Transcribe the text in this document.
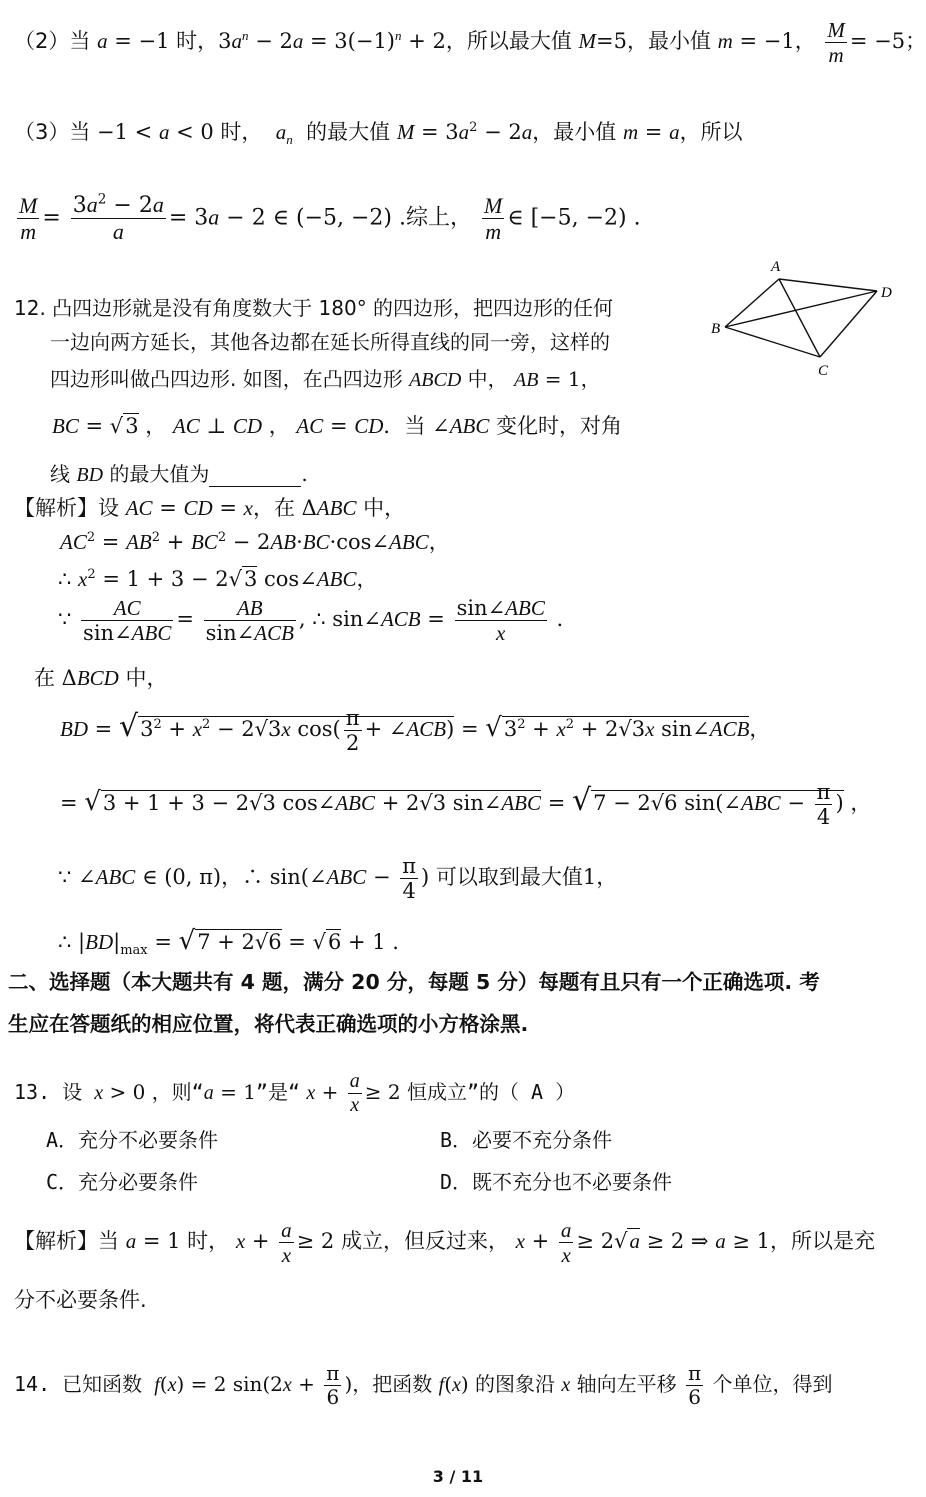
（2）当 a = −1 时，$3a^n - 2a = 3(-1)^n + 2$，所以最大值 M=5，最小值 m = −1， $\frac{M}{m} = -5$；
（3）当 −1 < a < 0 时，  $a_n$  的最大值 $M = 3a^2 - 2a$，最小值 m = a，所以
$\frac{M}{m} = \frac{3a^2 - 2a}{a} = 3a - 2$ ∈ (−5, −2) .综上， $\frac{M}{m}$ ∈ [−5, −2) .
12. 凸四边形就是没有角度数大于 180° 的四边形，把四边形的任何
一边向两方延长，其他各边都在延长所得直线的同一旁，这样的
四边形叫做凸四边形. 如图，在凸四边形 ABCD 中， AB = 1，
BC = √3 ， AC ⊥ CD ， AC = CD．当 ∠ABC 变化时，对角
线 BD 的最大值为	.
A
B
C
D
【解析】设 AC = CD = x，在 ΔABC 中，
$AC^2 = AB^2 + BC^2$ − 2AB·BC·cos∠ABC，
∴ $x^2 = 1 + 3 - 2√3$ cos∠ABC，
∵	AC
sin∠ABC
=	AB
sin∠ACB
, ∴ sin∠ACB = sin∠ABC
x
.
在 ΔBCD 中，
BD = $√3^2 + x^2 - 2√3x$ $\cos( \frac{\pi}{2}$ + ∠ACB) = $√3^2 + x^2 + 2√3x$ sin∠ACB，
= √3 + 1 + 3 − 2√3 cos∠ABC + 2√3 sin∠ABC = √7 − 2√6 sin(∠ABC − $\frac{\pi}{4}$ ) ，
∵ ∠ABC ∈ (0, π)，∴ sin(∠ABC − $\frac{\pi}{4}$ ) 可以取到最大值1，
∴ $|BD|_{max} = √7 + 2√6 = √6 + 1$ .
二、选择题（本大题共有 4 题，满分 20 分，每题 5 分）每题有且只有一个正确选项. 考
生应在答题纸的相应位置，将代表正确选项的小方格涂黑.
13. 设 x > 0 ，则“a = 1”是“ $x + \frac{a}{x} \ge 2$ 恒成立”的（ A ）
A．充分不必要条件	B．必要不充分条件
C．充分必要条件	D．既不充分也不必要条件
【解析】当 a = 1 时， $x + \frac{a}{x} \ge 2$ 成立，但反过来， $x + \frac{a}{x} \ge 2√a \ge 2$ ⇒ a ≥ 1，所以是充
分不必要条件.
14. 已知函数 f(x) = 2 $\sin(2x + \frac{\pi}{6}$ )，把函数 f(x) 的图象沿 x 轴向左平移 $\frac{\pi}{6}$ 个单位，得到
3 / 11
